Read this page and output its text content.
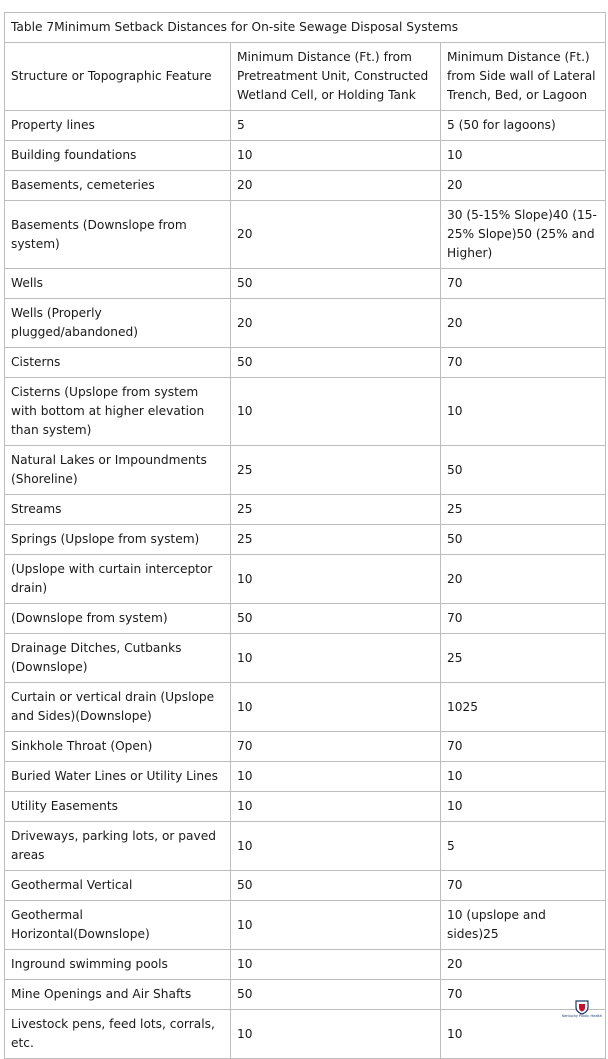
Table 7Minimum Setback Distances for On-site Sewage Disposal Systems		
Structure or Topographic Feature	Minimum Distance (Ft.) from Pretreatment Unit, Constructed Wetland Cell, or Holding Tank	Minimum Distance (Ft.) from Side wall of Lateral Trench, Bed, or Lagoon
Property lines	5	5 (50 for lagoons)
Building foundations	10	10
Basements, cemeteries	20	20
Basements (Downslope from system)	20	30 (5-15% Slope)40 (15-25% Slope)50 (25% and Higher)
Wells	50	70
Wells (Properly plugged/abandoned)	20	20
Cisterns	50	70
Cisterns (Upslope from system with bottom at higher elevation than system)	10	10
Natural Lakes or Impoundments (Shoreline)	25	50
Streams	25	25
Springs (Upslope from system)	25	50
(Upslope with curtain interceptor drain)	10	20
(Downslope from system)	50	70
Drainage Ditches, Cutbanks (Downslope)	10	25
Curtain or vertical drain (Upslope and Sides)(Downslope)	10	1025
Sinkhole Throat (Open)	70	70
Buried Water Lines or Utility Lines	10	10
Utility Easements	10	10
Driveways, parking lots, or paved areas	10	5
Geothermal Vertical	50	70
Geothermal Horizontal(Downslope)	10	10 (upslope and sides)25
Inground swimming pools	10	20
Mine Openings and Air Shafts	50	70
Livestock pens, feed lots, corrals, etc.	10	10
Kentucky Public Health
